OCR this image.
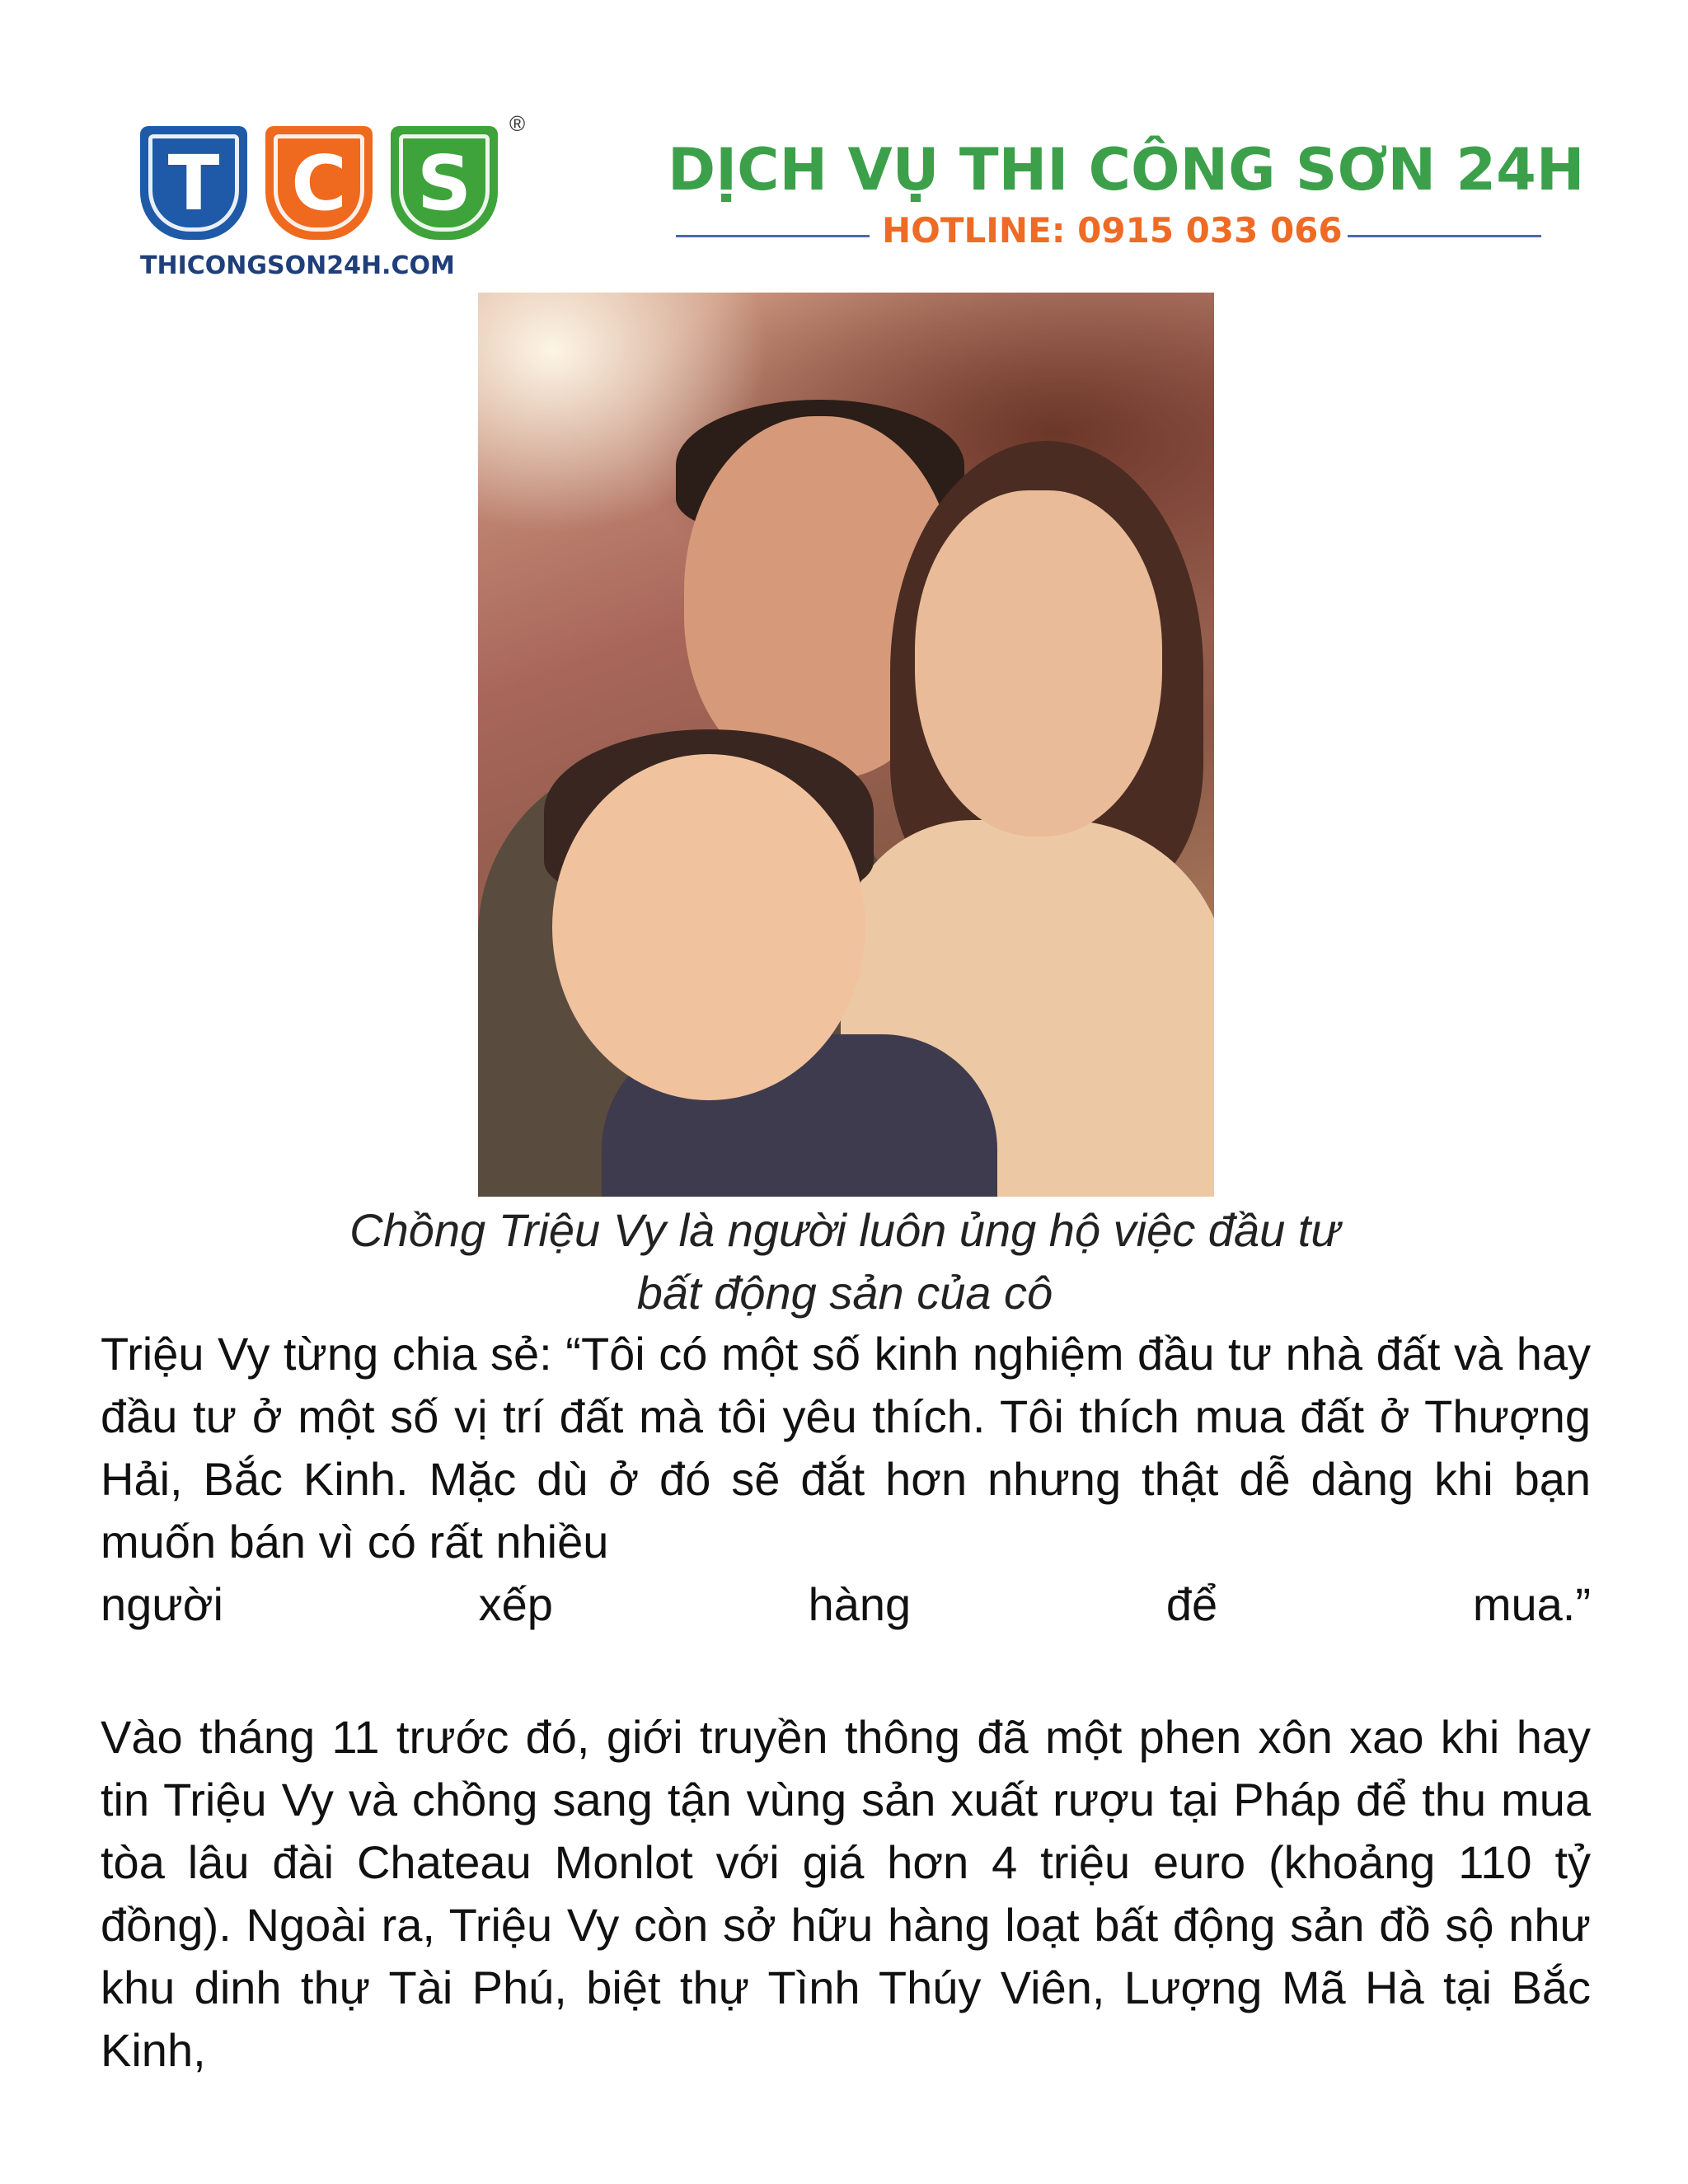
T C S
®
THICONGSON24H.COM
DỊCH VỤ THI CÔNG SƠN 24H
HOTLINE: 0915 033 066
Chồng Triệu Vy là người luôn ủng hộ việc đầu tư
bất động sản của cô
Triệu Vy từng chia sẻ: “Tôi có một số kinh nghiệm đầu tư nhà đất và hay đầu tư ở một số vị trí đất mà tôi yêu thích. Tôi thích mua đất ở Thượng Hải, Bắc Kinh. Mặc dù ở đó sẽ đắt hơn nhưng thật dễ dàng khi bạn muốn bán vì có rất nhiều
người xếp hàng để mua.”
Vào tháng 11 trước đó, giới truyền thông đã một phen xôn xao khi hay tin Triệu Vy và chồng sang tận vùng sản xuất rượu tại Pháp để thu mua tòa lâu đài Chateau Monlot với giá hơn 4 triệu euro (khoảng 110 tỷ đồng). Ngoài ra, Triệu Vy còn sở hữu hàng loạt bất động sản đồ sộ như khu dinh thự Tài Phú, biệt thự Tình Thúy Viên, Lượng Mã Hà tại Bắc Kinh,
